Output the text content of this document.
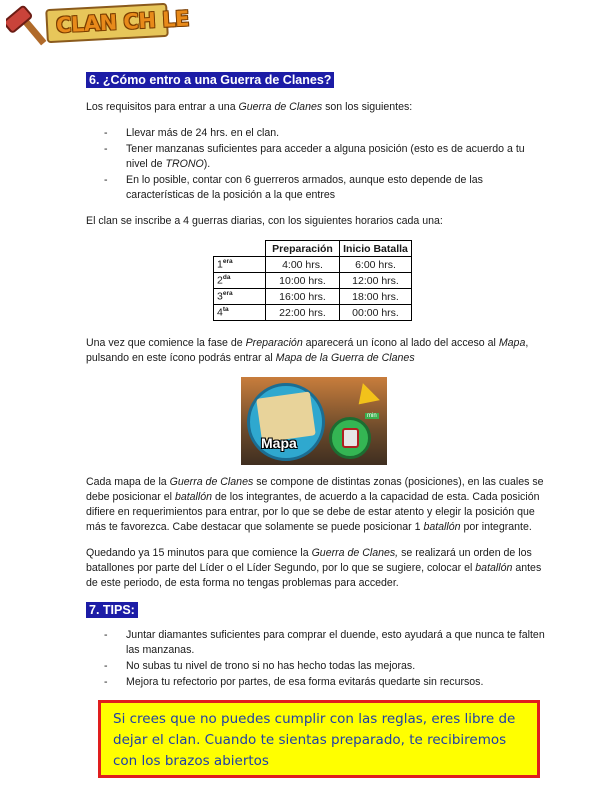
CLAN CH LE
6. ¿Cómo entro a una Guerra de Clanes?

Los requisitos para entrar a una Guerra de Clanes son los siguientes:

- Llevar más de 24 hrs. en el clan.
- Tener manzanas suficientes para acceder a alguna posición (esto es de acuerdo a tu nivel de TRONO).
- En lo posible, contar con 6 guerreros armados, aunque esto depende de las características de la posición a la que entres

El clan se inscribe a 4 guerras diarias, con los siguientes horarios cada una:

	Preparación	Inicio Batalla
$1^{era}$	4:00 hrs.	6:00 hrs.
$2^{da}$	10:00 hrs.	12:00 hrs.
$3^{era}$	16:00 hrs.	18:00 hrs.
$4^{ta}$	22:00 hrs.	00:00 hrs.

Una vez que comience la fase de Preparación aparecerá un ícono al lado del acceso al Mapa, pulsando en este ícono podrás entrar al Mapa de la Guerra de Clanes

Mapa
min

Cada mapa de la Guerra de Clanes se compone de distintas zonas (posiciones), en las cuales se debe posicionar el batallón de los integrantes, de acuerdo a la capacidad de esta. Cada posición difiere en requerimientos para entrar, por lo que se debe de estar atento y elegir la posición que más te favorezca. Cabe destacar que solamente se puede posicionar 1 batallón por integrante.

Quedando ya 15 minutos para que comience la Guerra de Clanes, se realizará un orden de los batallones por parte del Líder o el Líder Segundo, por lo que se sugiere, colocar el batallón antes de este periodo, de esta forma no tengas problemas para acceder.

7. TIPS:
- Juntar diamantes suficientes para comprar el duende, esto ayudará a que nunca te falten las manzanas.
- No subas tu nivel de trono si no has hecho todas las mejoras.
- Mejora tu refectorio por partes, de esa forma evitarás quedarte sin recursos.
Si crees que no puedes cumplir con las reglas, eres libre de dejar el clan. Cuando te sientas preparado, te recibiremos con los brazos abiertos
